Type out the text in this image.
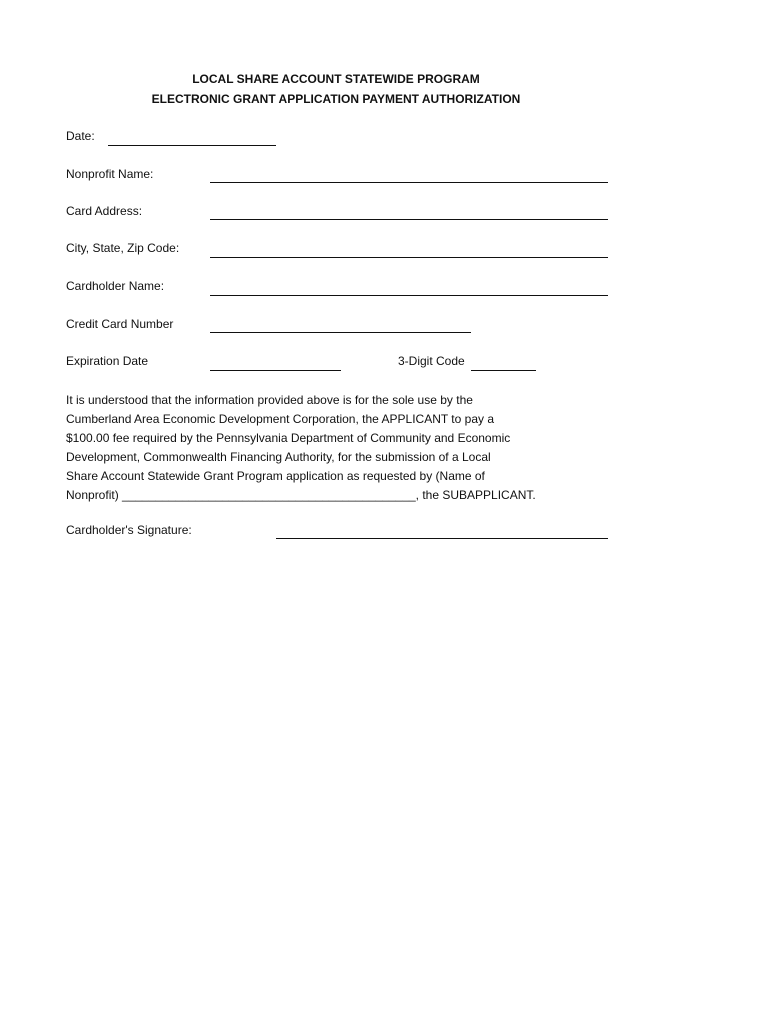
LOCAL SHARE ACCOUNT STATEWIDE PROGRAM
ELECTRONIC GRANT APPLICATION PAYMENT AUTHORIZATION
Date:
Nonprofit Name:
Card Address:
City, State, Zip Code:
Cardholder Name:
Credit Card Number
Expiration Date	3-Digit Code
It is understood that the information provided above is for the sole use by the
Cumberland Area Economic Development Corporation, the APPLICANT to pay a
$100.00 fee required by the Pennsylvania Department of Community and Economic
Development, Commonwealth Financing Authority, for the submission of a Local
Share Account Statewide Grant Program application as requested by (Name of
Nonprofit) ____________________________________________, the SUBAPPLICANT.
Cardholder's Signature:
